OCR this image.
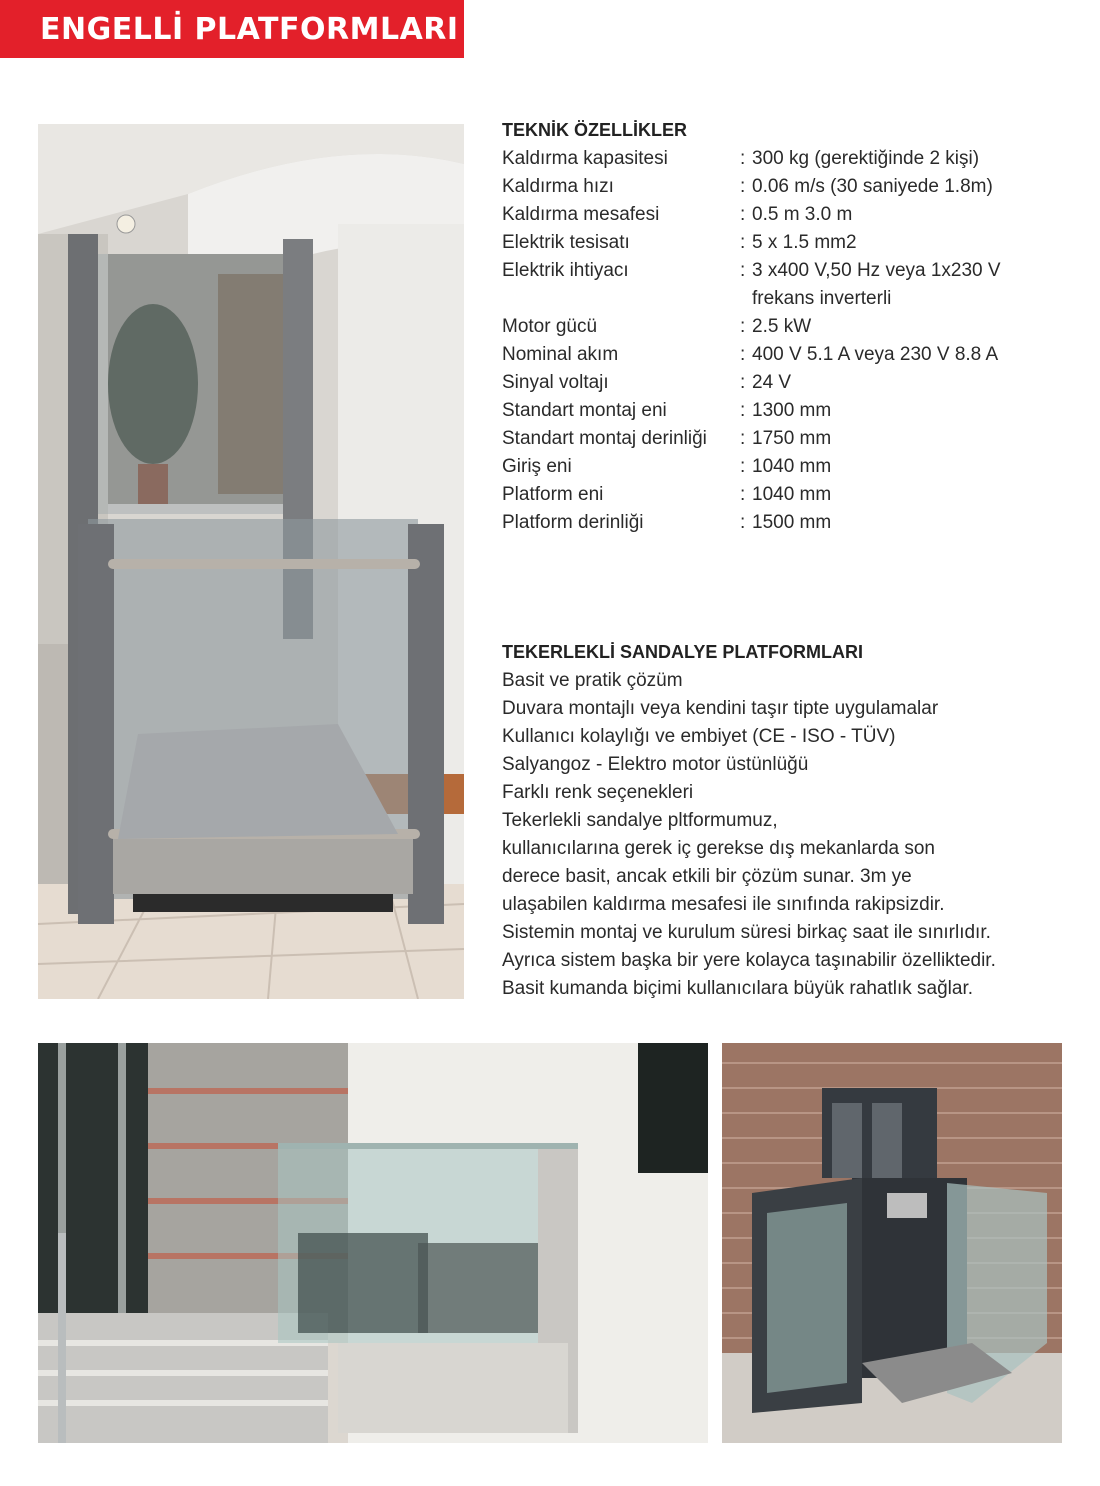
ENGELLİ PLATFORMLARI
TEKNİK ÖZELLİKLER
Kaldırma kapasitesi	: 300 kg (gerektiğinde 2 kişi)
Kaldırma hızı	: 0.06 m/s (30 saniyede 1.8m)
Kaldırma mesafesi	: 0.5 m 3.0 m
Elektrik tesisatı	: 5 x 1.5 mm2
Elektrik ihtiyacı	: 3 x400 V,50 Hz veya 1x230 V frekans inverterli
Motor gücü	: 2.5 kW
Nominal akım	: 400 V 5.1 A veya 230 V 8.8 A
Sinyal voltajı	: 24 V
Standart montaj eni	: 1300 mm
Standart montaj derinliği	: 1750 mm
Giriş eni	: 1040 mm
Platform eni	: 1040 mm
Platform derinliği	: 1500 mm
TEKERLEKLİ SANDALYE PLATFORMLARI
Basit ve pratik çözüm
Duvara montajlı veya kendini taşır tipte uygulamalar
Kullanıcı kolaylığı ve embiyet (CE - ISO - TÜV)
Salyangoz - Elektro motor üstünlüğü
Farklı renk seçenekleri
Tekerlekli sandalye pltformumuz,
kullanıcılarına gerek iç gerekse dış mekanlarda son
derece basit, ancak etkili bir çözüm sunar. 3m ye
ulaşabilen kaldırma mesafesi ile sınıfında rakipsizdir.
Sistemin montaj ve kurulum süresi birkaç saat ile sınırlıdır.
Ayrıca sistem başka bir yere kolayca taşınabilir özelliktedir.
Basit kumanda biçimi kullanıcılara büyük rahatlık sağlar.
